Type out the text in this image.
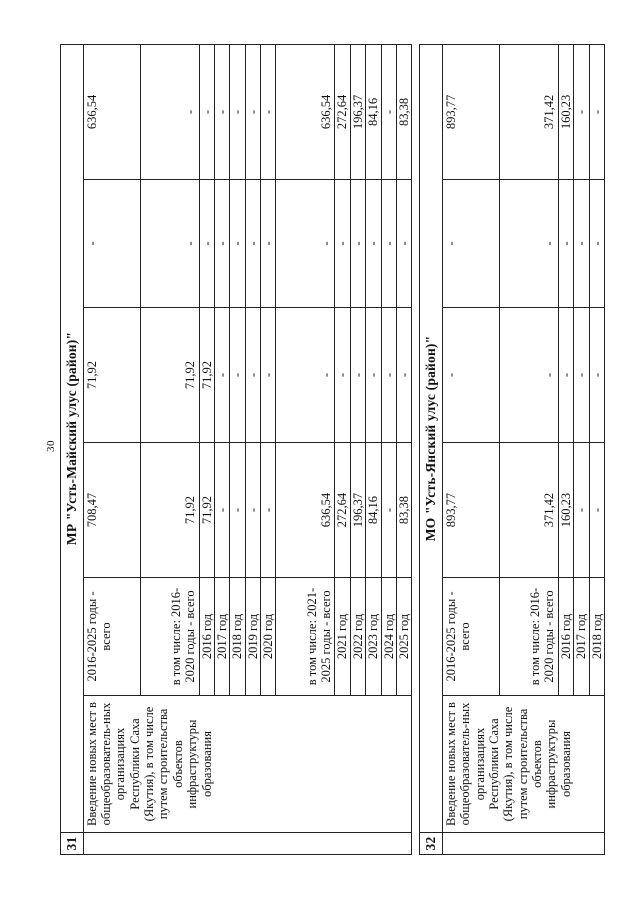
30
31	МР "Усть-Майский улус (район)"					
	Введение новых мест в общеобразователь-ных организациях Республики Саха (Якутия), в том числе путем строительства объектов инфраструктуры образования	2016-2025 годы - всего	708,47	71,92	-	636,54
		в том числе: 2016-2020 годы - всего	71,92	71,92	-	-
		2016 год	71,92	71,92	-	-
		2017 год	-	-	-	-
		2018 год	-	-	-	-
		2019 год	-	-	-	-
		2020 год	-	-	-	-
		в том числе: 2021-2025 годы - всего	636,54	-	-	636,54
		2021 год	272,64	-	-	272,64
		2022 год	196,37	-	-	196,37
		2023 год	84,16	-	-	84,16
		2024 год	-	-	-	-
		2025 год	83,38	-	-	83,38

32	МО "Усть-Янский улус (район)"					
	Введение новых мест в общеобразователь-ных организациях Республики Саха (Якутия), в том числе путем строительства объектов инфраструктуры образования	2016-2025 годы - всего	893,77	-	-	893,77
		в том числе: 2016-2020 годы - всего	371,42	-	-	371,42
		2016 год	160,23	-	-	160,23
		2017 год	-	-	-	-
		2018 год	-	-	-	-
